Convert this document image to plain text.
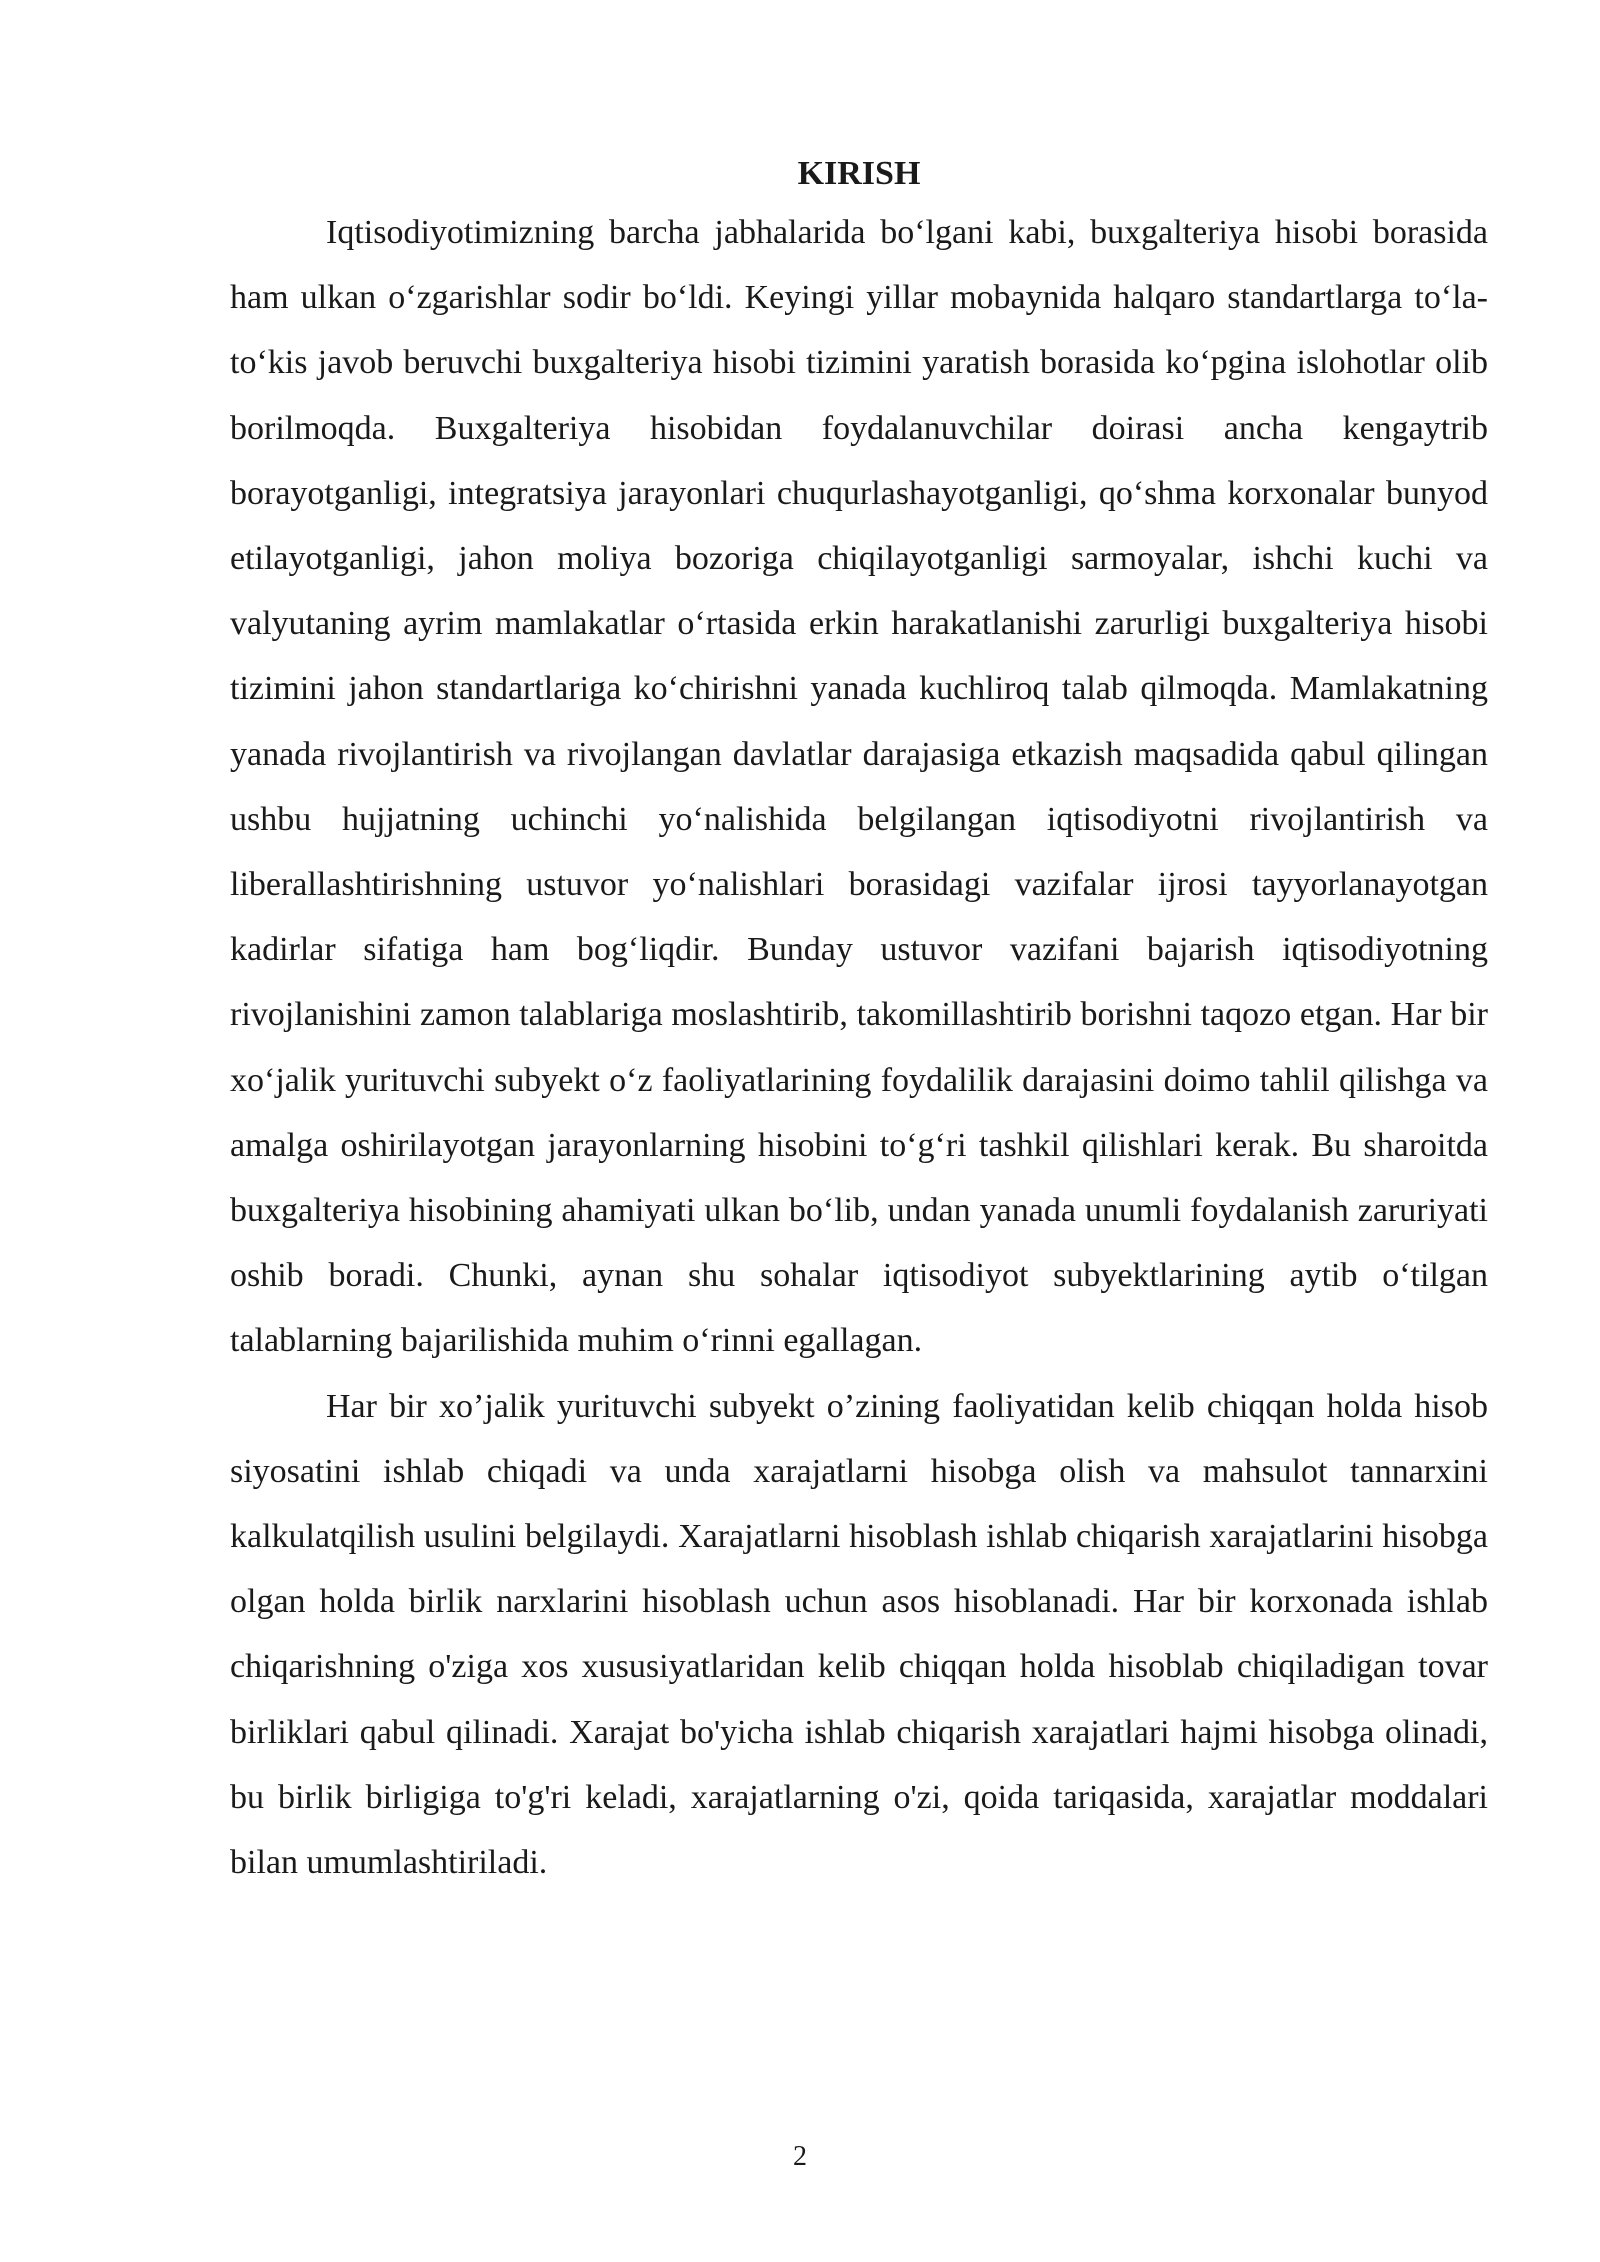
KIRISH

Iqtisodiyotimizning barcha jabhalarida bo‘lgani kabi, buxgalteriya hisobi borasida ham ulkan o‘zgarishlar sodir bo‘ldi. Keyingi yillar mobaynida halqaro standartlarga to‘la-to‘kis javob beruvchi buxgalteriya hisobi tizimini yaratish borasida ko‘pgina islohotlar olib borilmoqda. Buxgalteriya hisobidan foydalanuvchilar doirasi ancha kengaytrib borayotganligi, integratsiya jarayonlari chuqurlashayotganligi, qo‘shma korxonalar bunyod etilayotganligi, jahon moliya bozoriga chiqilayotganligi sarmoyalar, ishchi kuchi va valyutaning ayrim mamlakatlar o‘rtasida erkin harakatlanishi zarurligi buxgalteriya hisobi tizimini jahon standartlariga ko‘chirishni yanada kuchliroq talab qilmoqda. Mamlakatning yanada rivojlantirish va rivojlangan davlatlar darajasiga etkazish maqsadida qabul qilingan ushbu hujjatning uchinchi yo‘nalishida belgilangan iqtisodiyotni rivojlantirish va liberallashtirishning ustuvor yo‘nalishlari borasidagi vazifalar ijrosi tayyorlanayotgan kadirlar sifatiga ham bog‘liqdir. Bunday ustuvor vazifani bajarish iqtisodiyotning rivojlanishini zamon talablariga moslashtirib, takomillashtirib borishni taqozo etgan. Har bir xo‘jalik yurituvchi subyekt o‘z faoliyatlarining foydalilik darajasini doimo tahlil qilishga va amalga oshirilayotgan jarayonlarning hisobini to‘g‘ri tashkil qilishlari kerak. Bu sharoitda buxgalteriya hisobining ahamiyati ulkan bo‘lib, undan yanada unumli foydalanish zaruriyati oshib boradi. Chunki, aynan shu sohalar iqtisodiyot subyektlarining aytib o‘tilgan talablarning bajarilishida muhim o‘rinni egallagan.

Har bir xo’jalik yurituvchi subyekt o’zining faoliyatidan kelib chiqqan holda hisob siyosatini ishlab chiqadi va unda xarajatlarni hisobga olish va mahsulot tannarxini kalkulatqilish usulini belgilaydi. Xarajatlarni hisoblash ishlab chiqarish xarajatlarini hisobga olgan holda birlik narxlarini hisoblash uchun asos hisoblanadi. Har bir korxonada ishlab chiqarishning o'ziga xos xususiyatlaridan kelib chiqqan holda hisoblab chiqiladigan tovar birliklari qabul qilinadi. Xarajat bo'yicha ishlab chiqarish xarajatlari hajmi hisobga olinadi, bu birlik birligiga to'g'ri keladi, xarajatlarning o'zi, qoida tariqasida, xarajatlar moddalari bilan umumlashtiriladi.

2
